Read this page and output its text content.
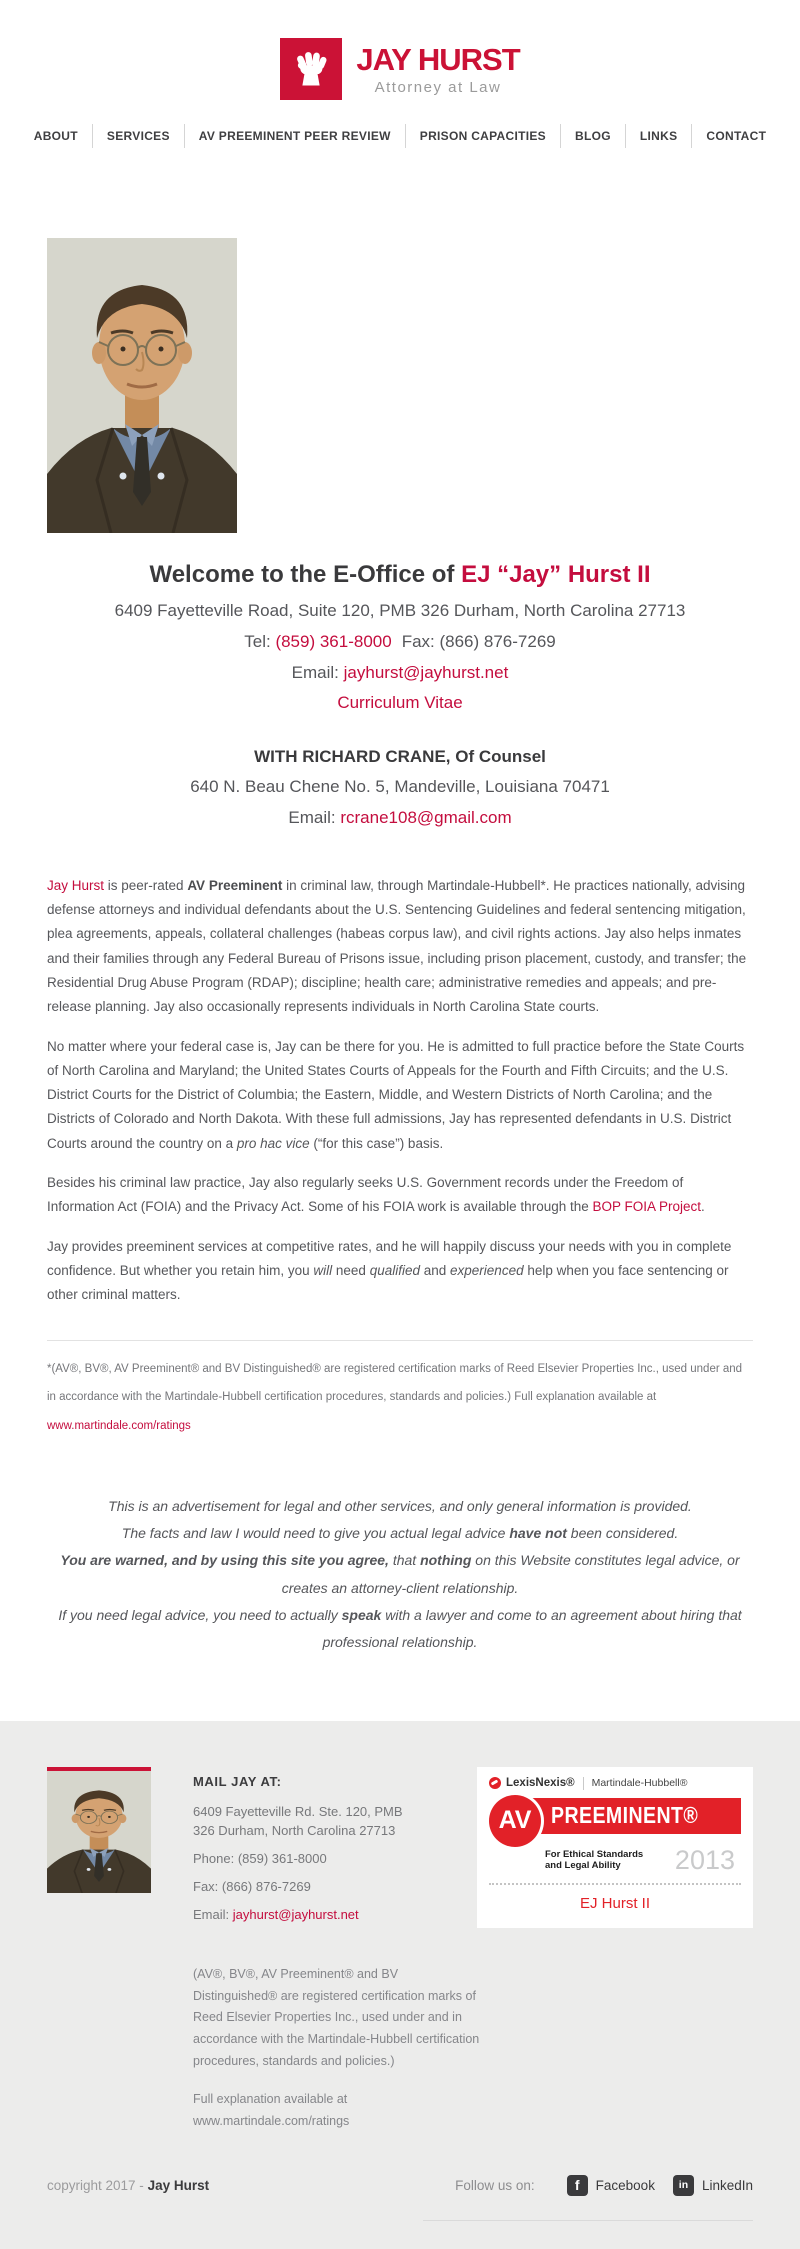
JAY HURST
Attorney at Law
ABOUT	SERVICES	AV PREEMINENT PEER REVIEW	PRISON CAPACITIES	BLOG	LINKS	CONTACT
Welcome to the E-Office of EJ “Jay” Hurst II

6409 Fayetteville Road, Suite 120, PMB 326 Durham, North Carolina 27713

Tel: (859) 361-8000 Fax: (866) 876-7269

Email: jayhurst@jayhurst.net

Curriculum Vitae

WITH RICHARD CRANE, Of Counsel

640 N. Beau Chene No. 5, Mandeville, Louisiana 70471

Email: rcrane108@gmail.com

Jay Hurst is peer-rated AV Preeminent in criminal law, through Martindale-Hubbell*. He practices nationally, advising defense attorneys and individual defendants about the U.S. Sentencing Guidelines and federal sentencing mitigation, plea agreements, appeals, collateral challenges (habeas corpus law), and civil rights actions. Jay also helps inmates and their families through any Federal Bureau of Prisons issue, including prison placement, custody, and transfer; the Residential Drug Abuse Program (RDAP); discipline; health care; administrative remedies and appeals; and pre-release planning. Jay also occasionally represents individuals in North Carolina State courts.

No matter where your federal case is, Jay can be there for you. He is admitted to full practice before the State Courts of North Carolina and Maryland; the United States Courts of Appeals for the Fourth and Fifth Circuits; and the U.S. District Courts for the District of Columbia; the Eastern, Middle, and Western Districts of North Carolina; and the Districts of Colorado and North Dakota. With these full admissions, Jay has represented defendants in U.S. District Courts around the country on a pro hac vice (“for this case”) basis.

Besides his criminal law practice, Jay also regularly seeks U.S. Government records under the Freedom of Information Act (FOIA) and the Privacy Act. Some of his FOIA work is available through the BOP FOIA Project.

Jay provides preeminent services at competitive rates, and he will happily discuss your needs with you in complete confidence. But whether you retain him, you will need qualified and experienced help when you face sentencing or other criminal matters.

*(AV®, BV®, AV Preeminent® and BV Distinguished® are registered certification marks of Reed Elsevier Properties Inc., used under and in accordance with the Martindale-Hubbell certification procedures, standards and policies.) Full explanation available at www.martindale.com/ratings

This is an advertisement for legal and other services, and only general information is provided.
The facts and law I would need to give you actual legal advice have not been considered.
You are warned, and by using this site you agree, that nothing on this Website constitutes legal advice, or creates an attorney-client relationship.
If you need legal advice, you need to actually speak with a lawyer and come to an agreement about hiring that professional relationship.
MAIL JAY AT:
6409 Fayetteville Rd. Ste. 120, PMB
326 Durham, North Carolina 27713
Phone: (859) 361-8000
Fax: (866) 876-7269
Email: jayhurst@jayhurst.net
LexisNexis® Martindale-Hubbell®
AV PREEMINENT®
For Ethical Standards
and Legal Ability	2013
EJ Hurst II
(AV®, BV®, AV Preeminent® and BV Distinguished® are registered certification marks of Reed Elsevier Properties Inc., used under and in accordance with the Martindale-Hubbell certification procedures, standards and policies.)
Full explanation available at
www.martindale.com/ratings
copyright 2017 - Jay Hurst	Follow us on:	f	Facebook	in	LinkedIn
